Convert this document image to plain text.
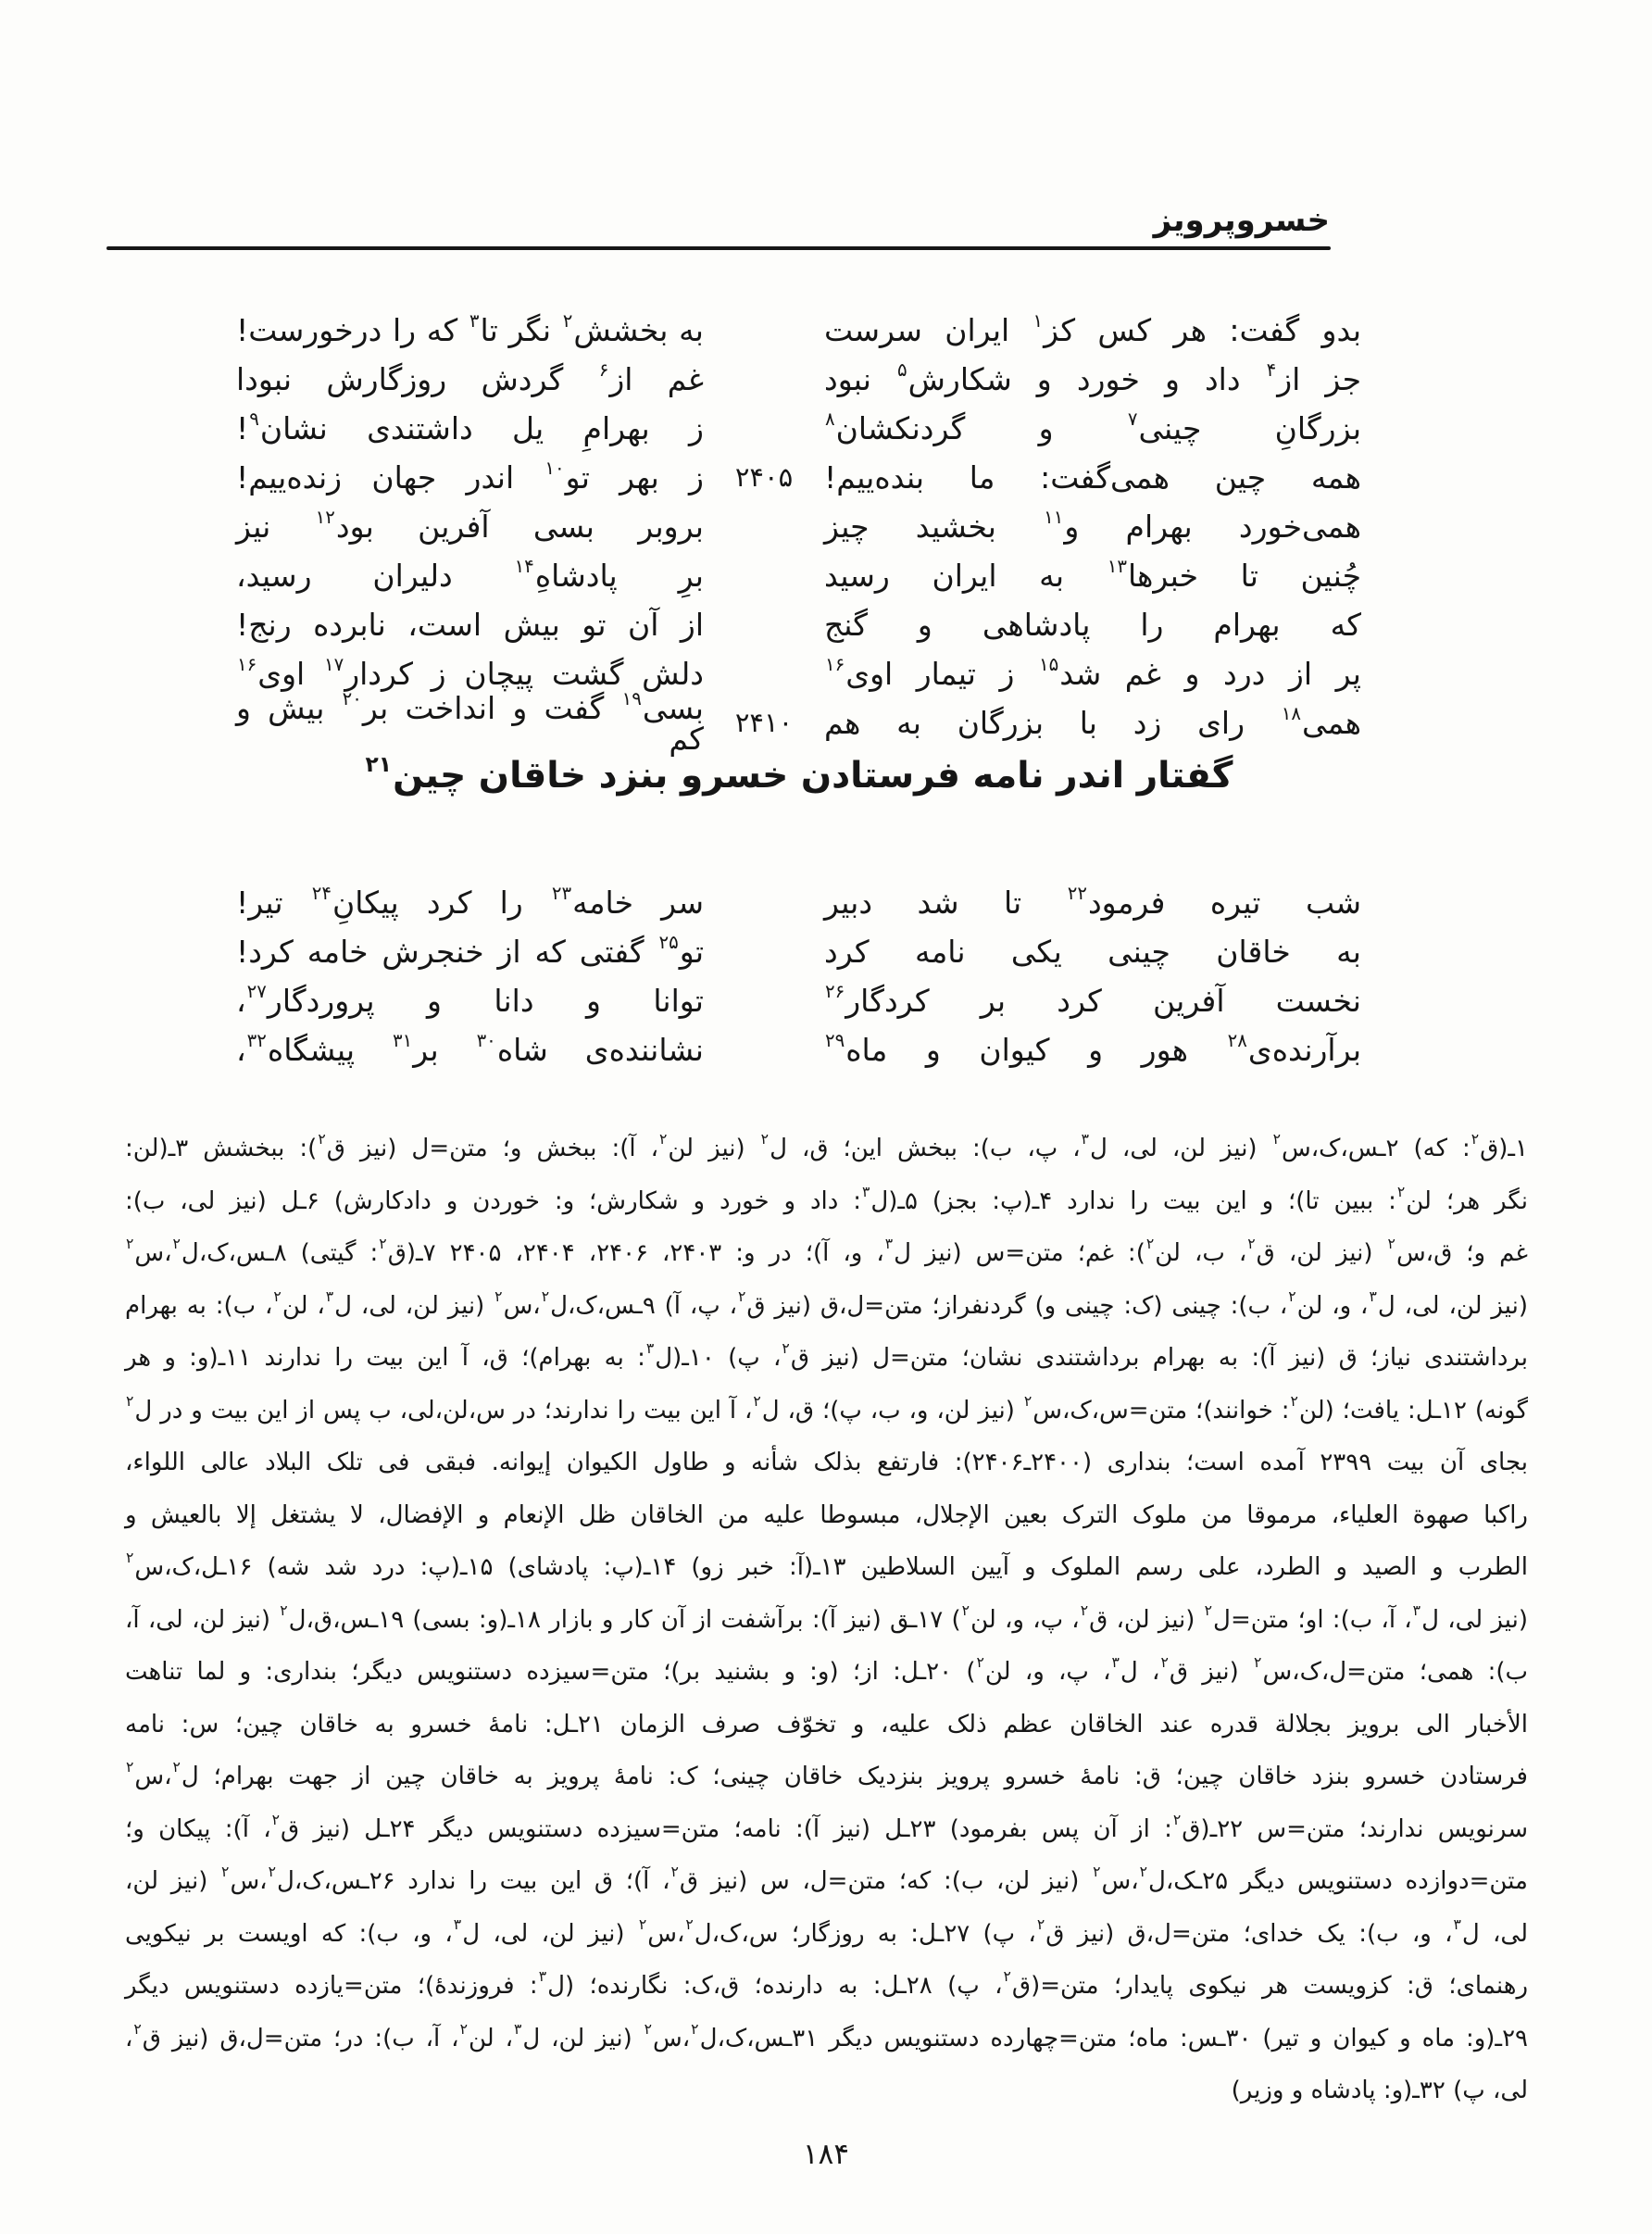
خسروپرویز
بدو گفت: هر کس کز$^۱$ ایران سرست
به بخشش$^۲$ نگر تا$^۳$ که را درخورست!
جز از$^۴$ داد و خورد و شکارش$^۵$ نبود
غم از$^۶$ گردش روزگارش نبودا
بزرگانِ چینی$^۷$ و گردنکشان$^۸$
ز بهرامِ یل داشتندی نشان$^۹$!
همه چین همی‌گفت: ما بنده‌ییم!
۲۴۰۵
ز بهر تو$^{۱۰}$ اندر جهان زنده‌ییم!
همی‌خورد بهرام و$^{۱۱}$ بخشید چیز
بروبر بسی آفرین بود$^{۱۲}$ نیز
چُنین تا خبرها$^{۱۳}$ به ایران رسید
برِ پادشاهِ$^{۱۴}$ دلیران رسید،
که بهرام را پادشاهی و گنج
از آن تو بیش است، نابرده رنج!
پر از درد و غم شد$^{۱۵}$ ز تیمار اوی$^{۱۶}$
دلش گشت پیچان ز کردار$^{۱۷}$ اوی$^{۱۶}$
همی$^{۱۸}$ رای زد با بزرگان به هم
۲۴۱۰
بسی$^{۱۹}$ گفت و انداخت بر$^{۲۰}$ بیش و کم
گفتار اندر نامه فرستادن خسرو بنزد خاقان چین$^{۲۱}$
شب تیره فرمود$^{۲۲}$ تا شد دبیر
سر خامه$^{۲۳}$ را کرد پیکانِ$^{۲۴}$ تیر!
به خاقان چینی یکی نامه کرد
تو$^{۲۵}$ گفتی که از خنجرش خامه کرد!
نخست آفرین کرد بر کردگار$^{۲۶}$
توانا و دانا و پروردگار$^{۲۷}$،
برآرنده‌ی$^{۲۸}$ هور و کیوان و ماه$^{۲۹}$
نشاننده‌ی شاه$^{۳۰}$ بر$^{۳۱}$ پیشگاه$^{۳۲}$،
۱ـ(ق$^۲$: که) ۲ـس،ک،س$^۲$ (نیز لن، لی، ل$^۳$، پ، ب): ببخش این؛ ق، ل$^۲$ (نیز لن$^۲$، آ): ببخش و؛ متن=ل (نیز ق$^۲$): ببخشش ۳ـ(لن:
نگر هر؛ لن$^۲$: ببین تا)؛ و این بیت را ندارد ۴ـ(پ: بجز) ۵ـ(ل$^۳$: داد و خورد و شکارش؛ و: خوردن و دادکارش) ۶ـل (نیز لی، ب):
غم و؛ ق،س$^۲$ (نیز لن، ق$^۲$، ب، لن$^۲$): غم؛ متن=س (نیز ل$^۳$، و، آ)؛ در و: ۲۴۰۳، ۲۴۰۶، ۲۴۰۴، ۲۴۰۵ ۷ـ(ق$^۲$: گیتی) ۸ـس،ک،ل$^۲$،س$^۲$
(نیز لن، لی، ل$^۳$، و، لن$^۲$، ب): چینی (ک: چینی و) گردنفراز؛ متن=ل،ق (نیز ق$^۲$، پ، آ) ۹ـس،ک،ل$^۲$،س$^۲$ (نیز لن، لی، ل$^۳$، لن$^۲$، ب): به بهرام
برداشتندی نیاز؛ ق (نیز آ): به بهرام برداشتندی نشان؛ متن=ل (نیز ق$^۲$، پ) ۱۰ـ(ل$^۳$: به بهرام)؛ ق، آ این بیت را ندارند ۱۱ـ(و: و هر
گونه) ۱۲ـل: یافت؛ (لن$^۲$: خوانند)؛ متن=س،ک،س$^۲$ (نیز لن، و، ب، پ)؛ ق، ل$^۲$، آ این بیت را ندارند؛ در س،لن،لی، ب پس از این بیت و در ل$^۲$
بجای آن بیت ۲۳۹۹ آمده است؛ بنداری (۲۴۰۰ـ۲۴۰۶): فارتفع بذلک شأنه و طاول الکیوان إیوانه. فبقی فی تلک البلاد عالی اللواء،
راکبا صهوة العلیاء، مرموقا من ملوک الترک بعین الإجلال، مبسوطا علیه من الخاقان ظل الإنعام و الإفضال، لا یشتغل إلا بالعیش و
الطرب و الصید و الطرد، علی رسم الملوک و آیین السلاطین ۱۳ـ(آ: خبر زو) ۱۴ـ(پ: پادشای) ۱۵ـ(پ: درد شد شه) ۱۶ـل،ک،س$^۲$
(نیز لی، ل$^۳$، آ، ب): او؛ متن=ل$^۲$ (نیز لن، ق$^۲$، پ، و، لن$^۲$) ۱۷ـق (نیز آ): برآشفت از آن کار و بازار ۱۸ـ(و: بسی) ۱۹ـس،ق،ل$^۲$ (نیز لن، لی، آ،
ب): همی؛ متن=ل،ک،س$^۲$ (نیز ق$^۲$، ل$^۳$، پ، و، لن$^۲$) ۲۰ـل: از؛ (و: و بشنید بر)؛ متن=سیزده دستنویس دیگر؛ بنداری: و لما تناهت
الأخبار الی برویز بجلالة قدره عند الخاقان عظم ذلک علیه، و تخوّف صرف الزمان ۲۱ـل: نامهٔ خسرو به خاقان چین؛ س: نامه
فرستادن خسرو بنزد خاقان چین؛ ق: نامهٔ خسرو پرویز بنزدیک خاقان چینی؛ ک: نامهٔ پرویز به خاقان چین از جهت بهرام؛ ل$^۲$،س$^۲$
سرنویس ندارند؛ متن=س ۲۲ـ(ق$^۲$: از آن پس بفرمود) ۲۳ـل (نیز آ): نامه؛ متن=سیزده دستنویس دیگر ۲۴ـل (نیز ق$^۲$، آ): پیکان و؛
متن=دوازده دستنویس دیگر ۲۵ـک،ل$^۲$،س$^۲$ (نیز لن، ب): که؛ متن=ل، س (نیز ق$^۲$، آ)؛ ق این بیت را ندارد ۲۶ـس،ک،ل$^۲$،س$^۲$ (نیز لن،
لی، ل$^۳$، و، ب): یک خدای؛ متن=ل،ق (نیز ق$^۲$، پ) ۲۷ـل: به روزگار؛ س،ک،ل$^۲$،س$^۲$ (نیز لن، لی، ل$^۳$، و، ب): که اویست بر نیکویی
رهنمای؛ ق: کزویست هر نیکوی پایدار؛ متن=(ق$^۲$، پ) ۲۸ـل: به دارنده؛ ق،ک: نگارنده؛ (ل$^۳$: فروزندهٔ)؛ متن=یازده دستنویس دیگر
۲۹ـ(و: ماه و کیوان و تیر) ۳۰ـس: ماه؛ متن=چهارده دستنویس دیگر ۳۱ـس،ک،ل$^۲$،س$^۲$ (نیز لن، ل$^۳$، لن$^۲$، آ، ب): در؛ متن=ل،ق (نیز ق$^۲$،
لی، پ) ۳۲ـ(و: پادشاه و وزیر)
۱۸۴
